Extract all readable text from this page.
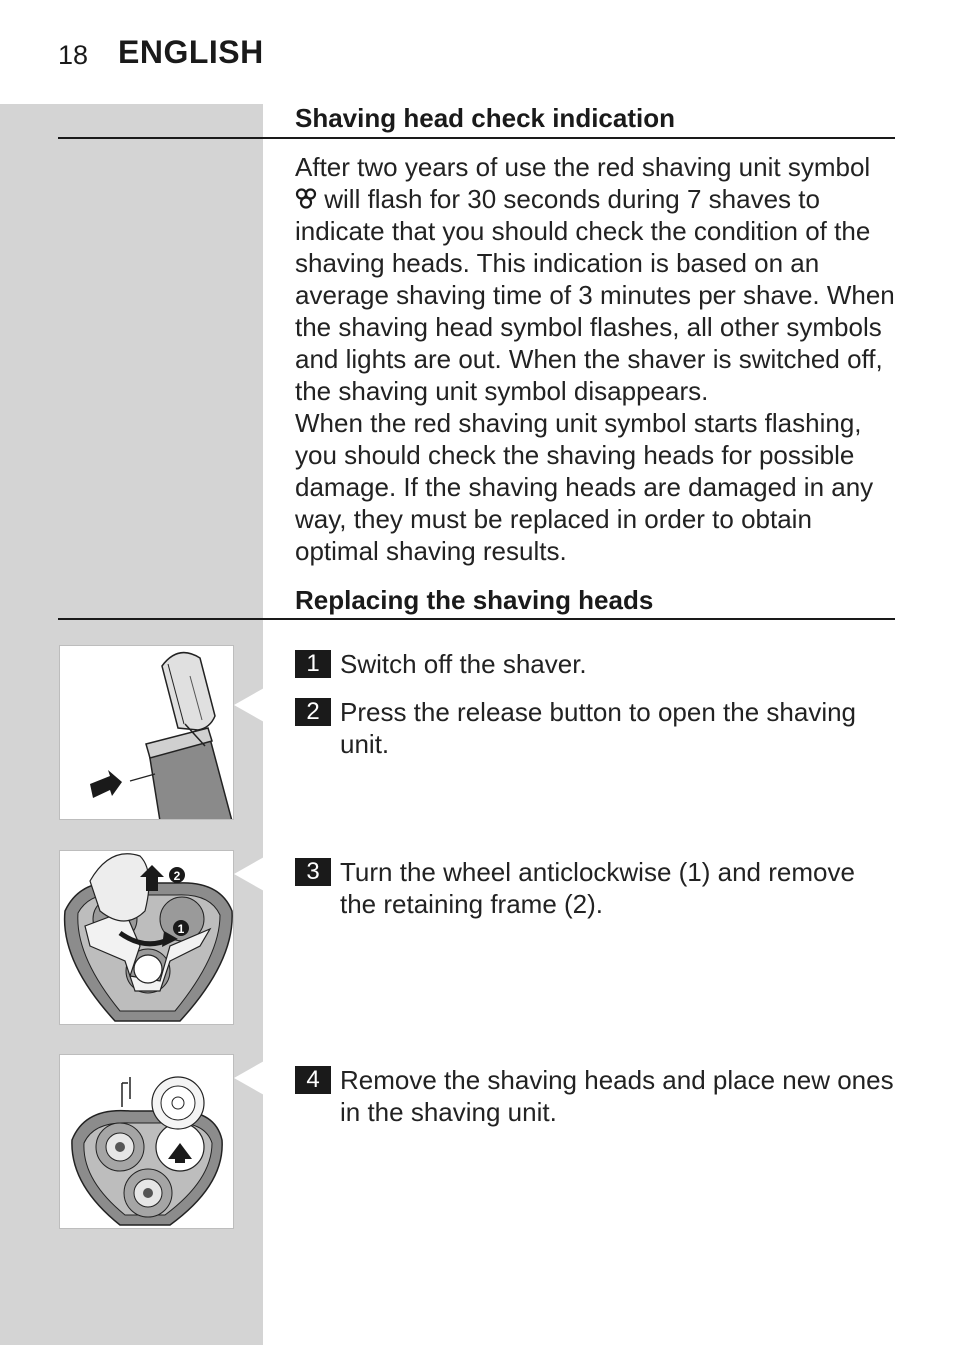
18 ENGLISH
Shaving head check indication

After two years of use the red shaving unit symbol
will flash for 30 seconds during 7 shaves to indicate that you should check the condition of the shaving heads. This indication is based on an average shaving time of 3 minutes per shave. When the shaving head symbol flashes, all other symbols and lights are out. When the shaver is switched off, the shaving unit symbol disappears.

When the red shaving unit symbol starts flashing, you should check the shaving heads for possible damage. If the shaving heads are damaged in any way, they must be replaced in order to obtain optimal shaving results.

Replacing the shaving heads
2
1
1 Switch off the shaver.
2 Press the release button to open the shaving unit.
3 Turn the wheel anticlockwise (1) and remove the retaining frame (2).
4 Remove the shaving heads and place new ones in the shaving unit.
